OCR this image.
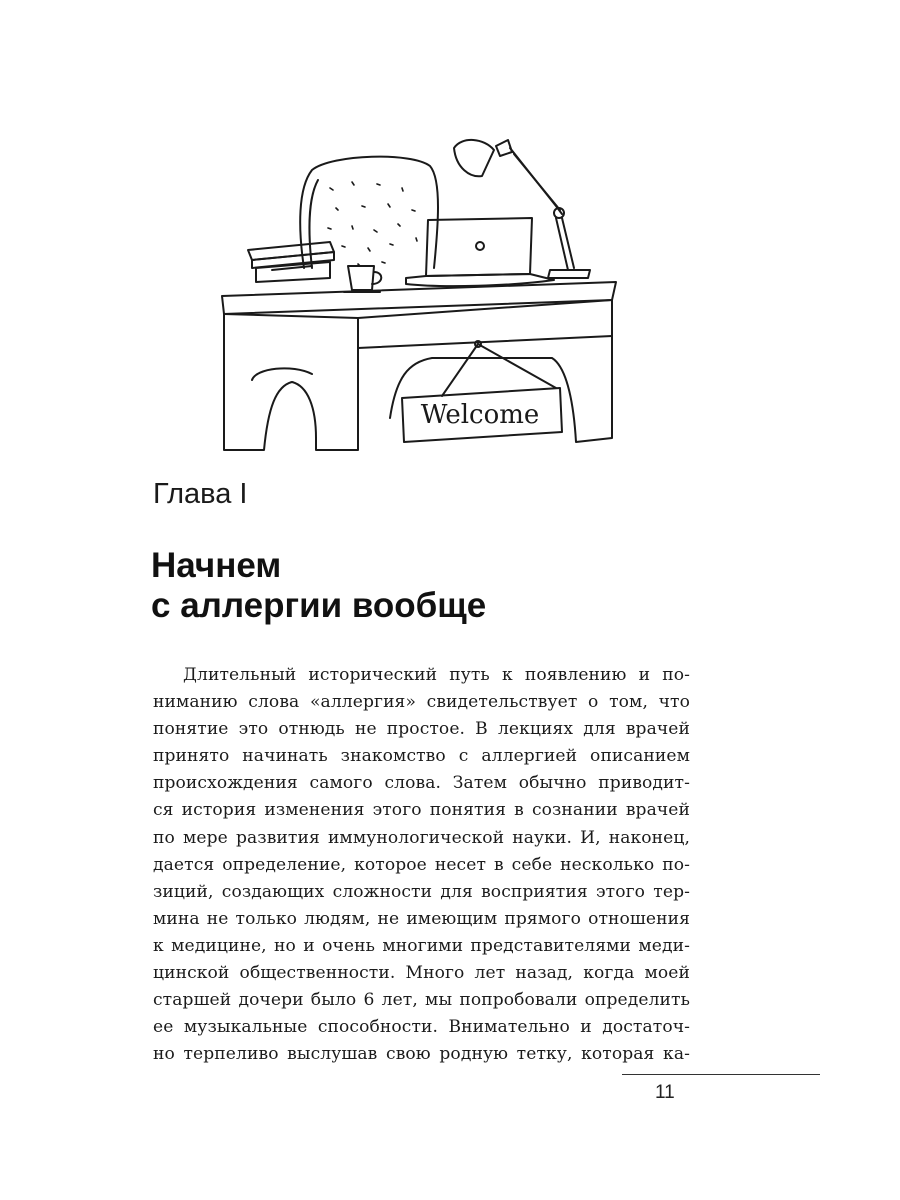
Welcome
Глава I
Начнем
с аллергии вообще
Длительный исторический путь к появлению и по-
ниманию слова «аллергия» свидетельствует о том, что
понятие это отнюдь не простое. В лекциях для врачей
принято начинать знакомство с аллергией описанием
происхождения самого слова. Затем обычно приводит-
ся история изменения этого понятия в сознании врачей
по мере развития иммунологической науки. И, наконец,
дается определение, которое несет в себе несколько по-
зиций, создающих сложности для восприятия этого тер-
мина не только людям, не имеющим прямого отношения
к медицине, но и очень многими представителями меди-
цинской общественности. Много лет назад, когда моей
старшей дочери было 6 лет, мы попробовали определить
ее музыкальные способности. Внимательно и достаточ-
но терпеливо выслушав свою родную тетку, которая ка-
11
